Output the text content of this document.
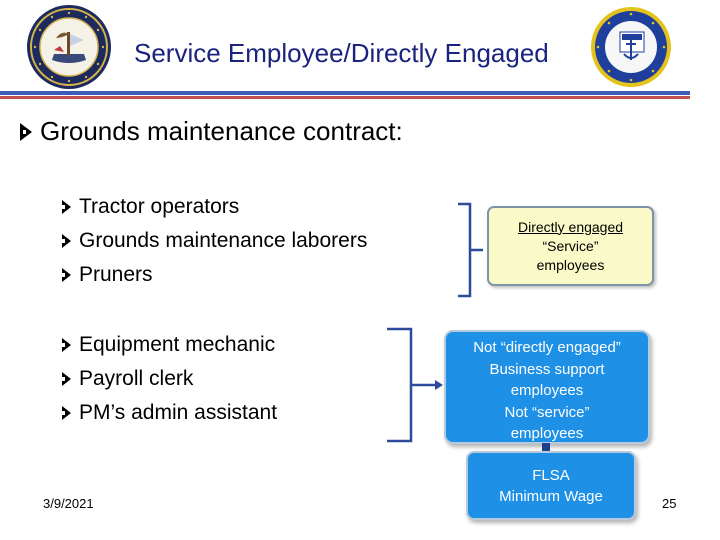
Service Employee/Directly Engaged
Grounds maintenance contract:
Tractor operators
Grounds maintenance laborers
Pruners
Equipment mechanic
Payroll clerk
PM’s admin assistant
Directly engaged
“Service”
employees
Not “directly engaged”
Business support
employees
Not “service”
employees
FLSA
Minimum Wage
3/9/2021	25
